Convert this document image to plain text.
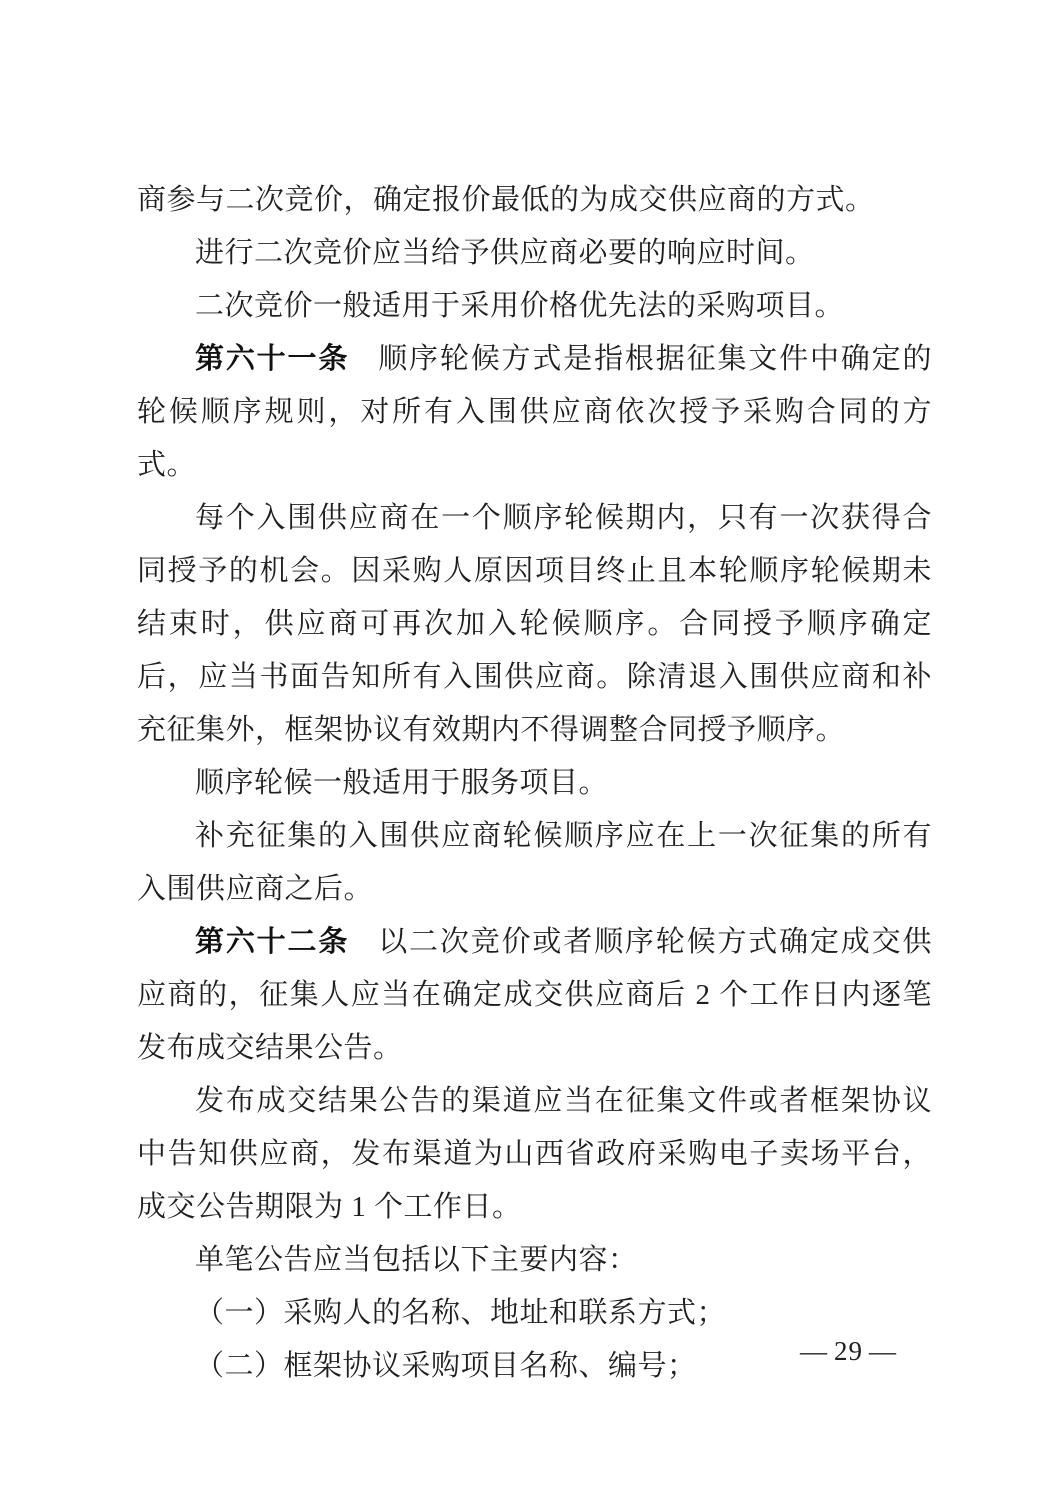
商参与二次竞价，确定报价最低的为成交供应商的方式。

进行二次竞价应当给予供应商必要的响应时间。

二次竞价一般适用于采用价格优先法的采购项目。

第六十一条 顺序轮候方式是指根据征集文件中确定的轮候顺序规则，对所有入围供应商依次授予采购合同的方式。

每个入围供应商在一个顺序轮候期内，只有一次获得合同授予的机会。因采购人原因项目终止且本轮顺序轮候期未结束时，供应商可再次加入轮候顺序。合同授予顺序确定后，应当书面告知所有入围供应商。除清退入围供应商和补充征集外，框架协议有效期内不得调整合同授予顺序。

顺序轮候一般适用于服务项目。

补充征集的入围供应商轮候顺序应在上一次征集的所有入围供应商之后。

第六十二条 以二次竞价或者顺序轮候方式确定成交供应商的，征集人应当在确定成交供应商后 2 个工作日内逐笔发布成交结果公告。

发布成交结果公告的渠道应当在征集文件或者框架协议中告知供应商，发布渠道为山西省政府采购电子卖场平台，成交公告期限为 1 个工作日。

单笔公告应当包括以下主要内容：

（一）采购人的名称、地址和联系方式；

（二）框架协议采购项目名称、编号；	— 29 —
